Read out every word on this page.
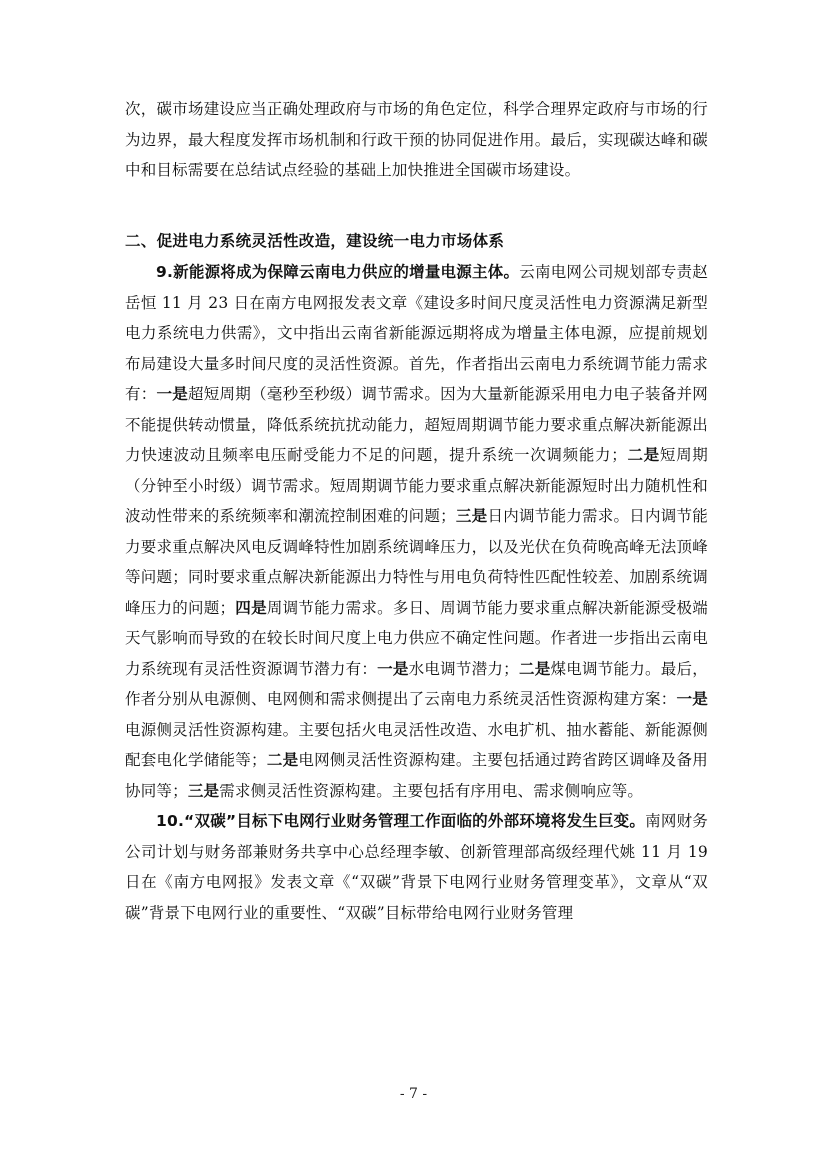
次，碳市场建设应当正确处理政府与市场的角色定位，科学合理界定政府与市场的行为边界，最大程度发挥市场机制和行政干预的协同促进作用。最后，实现碳达峰和碳中和目标需要在总结试点经验的基础上加快推进全国碳市场建设。

二、促进电力系统灵活性改造，建设统一电力市场体系

9.新能源将成为保障云南电力供应的增量电源主体。云南电网公司规划部专责赵岳恒 11 月 23 日在南方电网报发表文章《建设多时间尺度灵活性电力资源满足新型电力系统电力供需》，文中指出云南省新能源远期将成为增量主体电源，应提前规划布局建设大量多时间尺度的灵活性资源。首先，作者指出云南电力系统调节能力需求有：一是超短周期（毫秒至秒级）调节需求。因为大量新能源采用电力电子装备并网不能提供转动惯量，降低系统抗扰动能力，超短周期调节能力要求重点解决新能源出力快速波动且频率电压耐受能力不足的问题，提升系统一次调频能力；二是短周期（分钟至小时级）调节需求。短周期调节能力要求重点解决新能源短时出力随机性和波动性带来的系统频率和潮流控制困难的问题；三是日内调节能力需求。日内调节能力要求重点解决风电反调峰特性加剧系统调峰压力，以及光伏在负荷晚高峰无法顶峰等问题；同时要求重点解决新能源出力特性与用电负荷特性匹配性较差、加剧系统调峰压力的问题；四是周调节能力需求。多日、周调节能力要求重点解决新能源受极端天气影响而导致的在较长时间尺度上电力供应不确定性问题。作者进一步指出云南电力系统现有灵活性资源调节潜力有：一是水电调节潜力；二是煤电调节能力。最后，作者分别从电源侧、电网侧和需求侧提出了云南电力系统灵活性资源构建方案：一是电源侧灵活性资源构建。主要包括火电灵活性改造、水电扩机、抽水蓄能、新能源侧配套电化学储能等；二是电网侧灵活性资源构建。主要包括通过跨省跨区调峰及备用协同等；三是需求侧灵活性资源构建。主要包括有序用电、需求侧响应等。

10.“双碳”目标下电网行业财务管理工作面临的外部环境将发生巨变。南网财务公司计划与财务部兼财务共享中心总经理李敏、创新管理部高级经理代姚 11 月 19 日在《南方电网报》发表文章《“双碳”背景下电网行业财务管理变革》，文章从“双碳”背景下电网行业的重要性、“双碳”目标带给电网行业财务管理

- 7 -
